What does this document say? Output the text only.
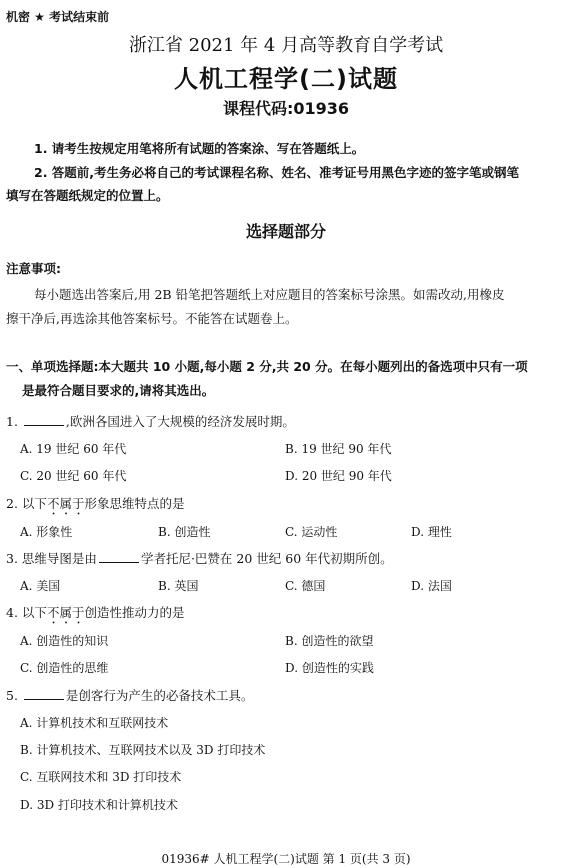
机密 ★ 考试结束前
浙江省 2021 年 4 月高等教育自学考试
人机工程学(二)试题
课程代码:01936
1. 请考生按规定用笔将所有试题的答案涂、写在答题纸上。
2. 答题前,考生务必将自己的考试课程名称、姓名、准考证号用黑色字迹的签字笔或钢笔
填写在答题纸规定的位置上。
选择题部分
注意事项:
每小题选出答案后,用 2B 铅笔把答题纸上对应题目的答案标号涂黑。如需改动,用橡皮
擦干净后,再选涂其他答案标号。不能答在试题卷上。
一、单项选择题:本大题共 10 小题,每小题 2 分,共 20 分。在每小题列出的备选项中只有一项
是最符合题目要求的,请将其选出。
1.	,欧洲各国进入了大规模的经济发展时期。
A. 19 世纪 60 年代	B. 19 世纪 90 年代
C. 20 世纪 60 年代	D. 20 世纪 90 年代
2. 以下不属于形象思维特点的是
A. 形象性	B. 创造性	C. 运动性	D. 理性
3. 思维导图是由	学者托尼·巴赞在 20 世纪 60 年代初期所创。
A. 美国	B. 英国	C. 德国	D. 法国
4. 以下不属于创造性推动力的是
A. 创造性的知识	B. 创造性的欲望
C. 创造性的思维	D. 创造性的实践
5.	是创客行为产生的必备技术工具。
A. 计算机技术和互联网技术
B. 计算机技术、互联网技术以及 3D 打印技术
C. 互联网技术和 3D 打印技术
D. 3D 打印技术和计算机技术
01936# 人机工程学(二)试题 第 1 页(共 3 页)
